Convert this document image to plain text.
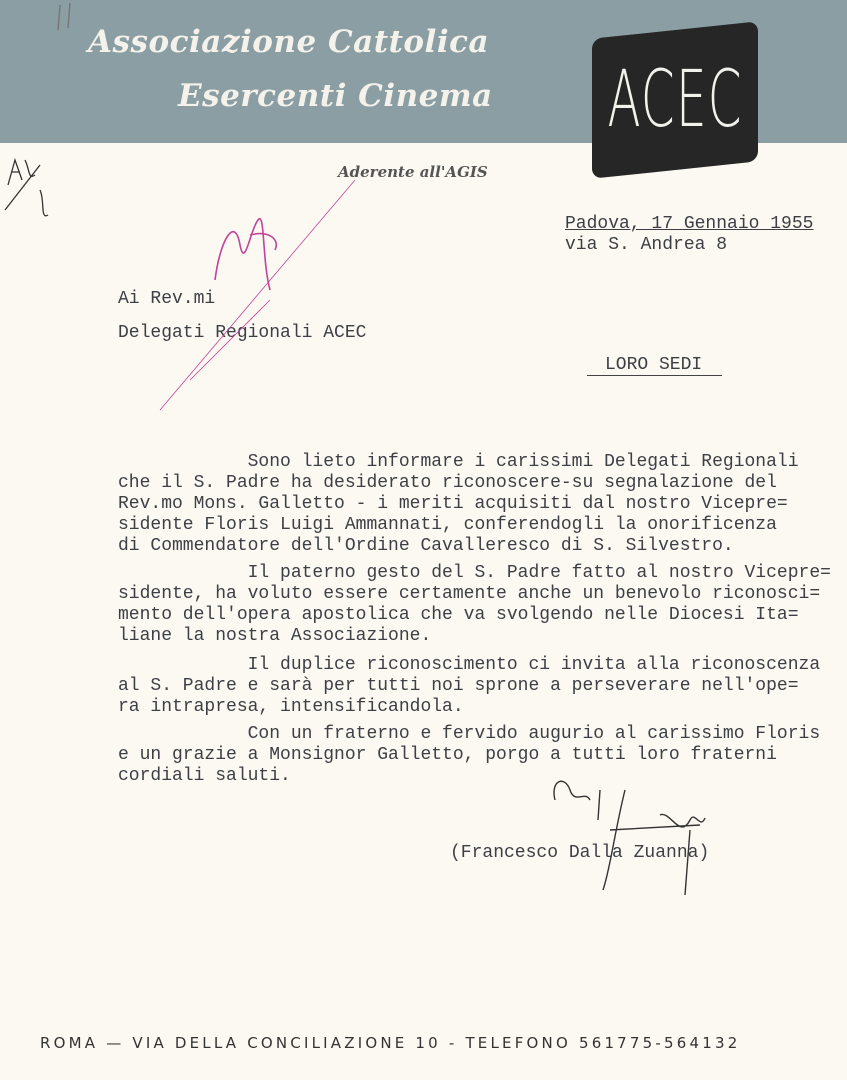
Associazione Cattolica
Esercenti Cinema ACEC
Aderente all'AGIS
Padova, 17 Gennaio 1955
via S. Andrea 8
Ai Rev.mi
Delegati Regionali ACEC
LORO SEDI
Sono lieto informare i carissimi Delegati Regionali
che il S. Padre ha desiderato riconoscere-su segnalazione del
Rev.mo Mons. Galletto - i meriti acquisiti dal nostro Vicepre=
sidente Floris Luigi Ammannati, conferendogli la onorificenza
di Commendatore dell'Ordine Cavalleresco di S. Silvestro.
Il paterno gesto del S. Padre fatto al nostro Vicepre=
sidente, ha voluto essere certamente anche un benevolo riconosci=
mento dell'opera apostolica che va svolgendo nelle Diocesi Ita=
liane la nostra Associazione.
Il duplice riconoscimento ci invita alla riconoscenza
al S. Padre e sarà per tutti noi sprone a perseverare nell'ope=
ra intrapresa, intensificandola.
Con un fraterno e fervido augurio al carissimo Floris
e un grazie a Monsignor Galletto, porgo a tutti loro fraterni
cordiali saluti.
(Francesco Dalla Zuanna)
ROMA — VIA DELLA CONCILIAZIONE 10 - TELEFONO 561775-564132
